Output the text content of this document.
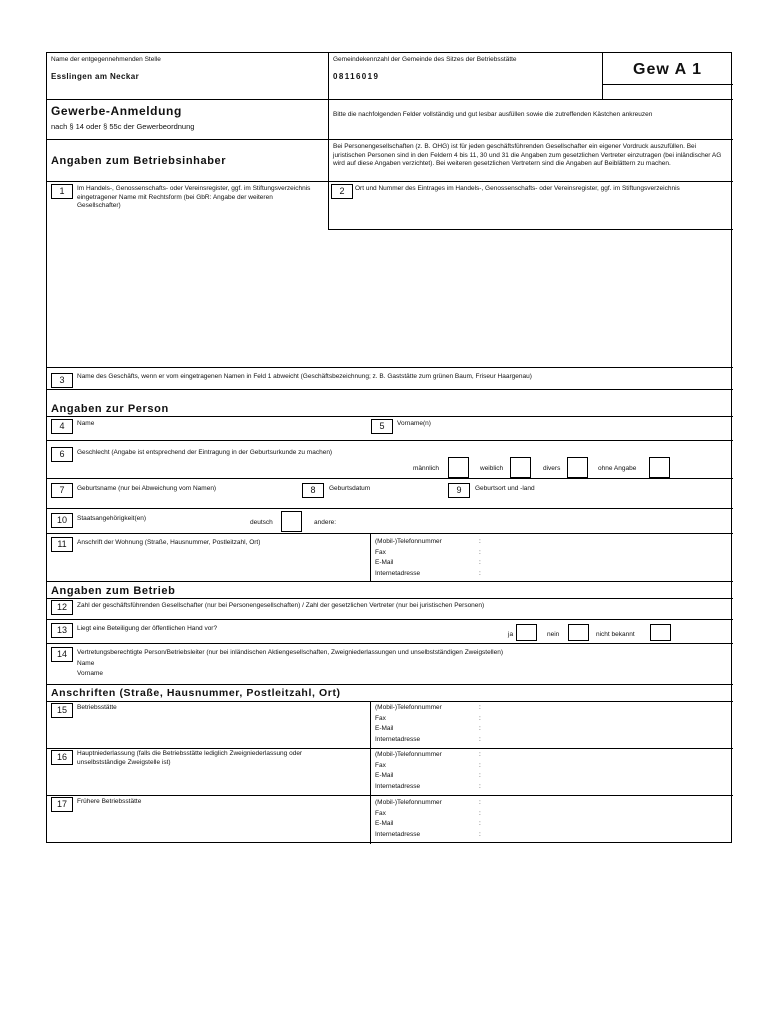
Name der entgegennehmenden Stelle
Esslingen am Neckar
Gemeindekennzahl der Gemeinde des Sitzes der Betriebsstätte
08116019	Gew A 1
Gewerbe-Anmeldung
nach § 14 oder § 55c der Gewerbeordnung
Bitte die nachfolgenden Felder vollständig und gut lesbar ausfüllen sowie die zutreffenden Kästchen ankreuzen
Angaben zum Betriebsinhaber
Bei Personengesellschaften (z. B. OHG) ist für jeden geschäftsführenden Gesellschafter ein eigener Vordruck auszufüllen. Bei juristischen Personen sind in den Feldern 4 bis 11, 30 und 31 die Angaben zum gesetzlichen Vertreter einzutragen (bei inländischer AG wird auf diese Angaben verzichtet). Bei weiteren gesetzlichen Vertretern sind die Angaben auf Beiblättern zu machen.
1	Im Handels-, Genossenschafts- oder Vereinsregister, ggf. im Stiftungsverzeichnis eingetragener Name mit Rechtsform (bei GbR: Angabe der weiteren Gesellschafter)
2	Ort und Nummer des Eintrages im Handels-, Genossenschafts- oder Vereinsregister, ggf. im Stiftungsverzeichnis
3	Name des Geschäfts, wenn er vom eingetragenen Namen in Feld 1 abweicht (Geschäftsbezeichnung; z. B. Gaststätte zum grünen Baum, Friseur Haargenau)
Angaben zur Person
4	Name	5	Vorname(n)
6	Geschlecht (Angabe ist entsprechend der Eintragung in der Geburtsurkunde zu machen)
männlich	weiblich	divers	ohne Angabe
7	Geburtsname (nur bei Abweichung vom Namen)	8	Geburtsdatum	9	Geburtsort und -land
10	Staatsangehörigkeit(en)
deutsch	andere:
11	Anschrift der Wohnung (Straße, Hausnummer, Postleitzahl, Ort)	(Mobil-)Telefonnummer	:
Fax	:
E-Mail	:
Internetadresse	:
Angaben zum Betrieb
12	Zahl der geschäftsführenden Gesellschafter (nur bei Personengesellschaften) / Zahl der gesetzlichen Vertreter (nur bei juristischen Personen)
13	Liegt eine Beteiligung der öffentlichen Hand vor?
ja	nein	nicht bekannt
14	Vertretungsberechtigte Person/Betriebsleiter (nur bei inländischen Aktiengesellschaften, Zweigniederlassungen und unselbstständigen Zweigstellen)
Name
Vorname
Anschriften (Straße, Hausnummer, Postleitzahl, Ort)
15	Betriebsstätte	(Mobil-)Telefonnummer	:
Fax	:
E-Mail	:
Internetadresse	:
16	Hauptniederlassung (falls die Betriebsstätte lediglich Zweigniederlassung oder unselbstständige Zweigstelle ist)
(Mobil-)Telefonnummer	:
Fax	:
E-Mail	:
Internetadresse	:
17	Frühere Betriebsstätte	(Mobil-)Telefonnummer	:
Fax	:
E-Mail	:
Internetadresse	:
